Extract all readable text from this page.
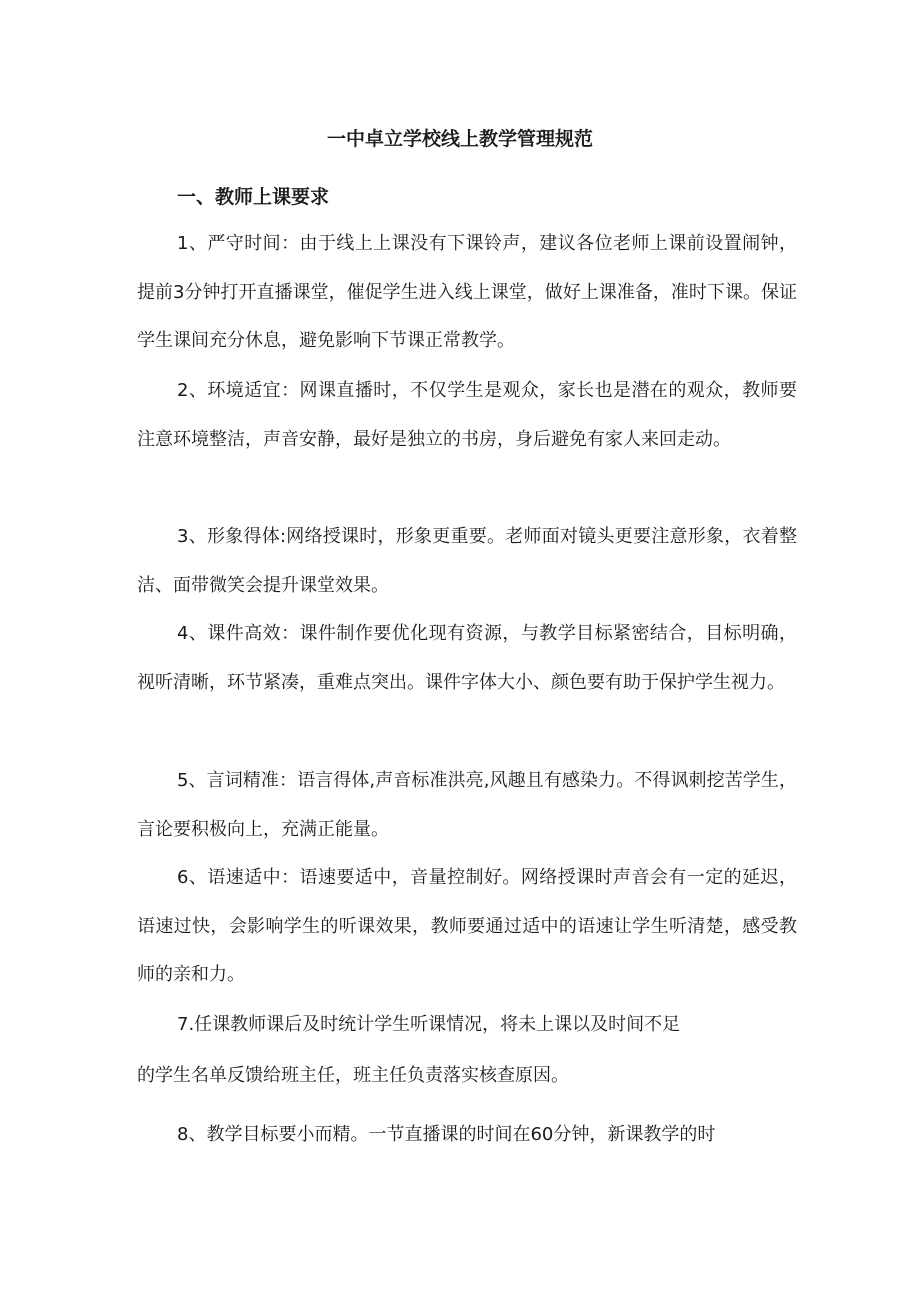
一中卓立学校线上教学管理规范
一、教师上课要求

1、严守时间：由于线上上课没有下课铃声，建议各位老师上课前设置闹钟，提前3分钟打开直播课堂，催促学生进入线上课堂，做好上课准备，准时下课。保证学生课间充分休息，避免影响下节课正常教学。

2、环境适宜：网课直播时，不仅学生是观众，家长也是潜在的观众，教师要注意环境整洁，声音安静，最好是独立的书房，身后避免有家人来回走动。

3、形象得体:网络授课时，形象更重要。老师面对镜头更要注意形象，衣着整洁、面带微笑会提升课堂效果。

4、课件高效：课件制作要优化现有资源，与教学目标紧密结合，目标明确，视听清晰，环节紧凑，重难点突出。课件字体大小、颜色要有助于保护学生视力。

5、言词精准：语言得体,声音标准洪亮,风趣且有感染力。不得讽刺挖苦学生，言论要积极向上，充满正能量。

6、语速适中：语速要适中，音量控制好。网络授课时声音会有一定的延迟，语速过快，会影响学生的听课效果，教师要通过适中的语速让学生听清楚，感受教师的亲和力。

7.任课教师课后及时统计学生听课情况，将未上课以及时间不足

的学生名单反馈给班主任，班主任负责落实核查原因。

8、教学目标要小而精。一节直播课的时间在60分钟，新课教学的时
